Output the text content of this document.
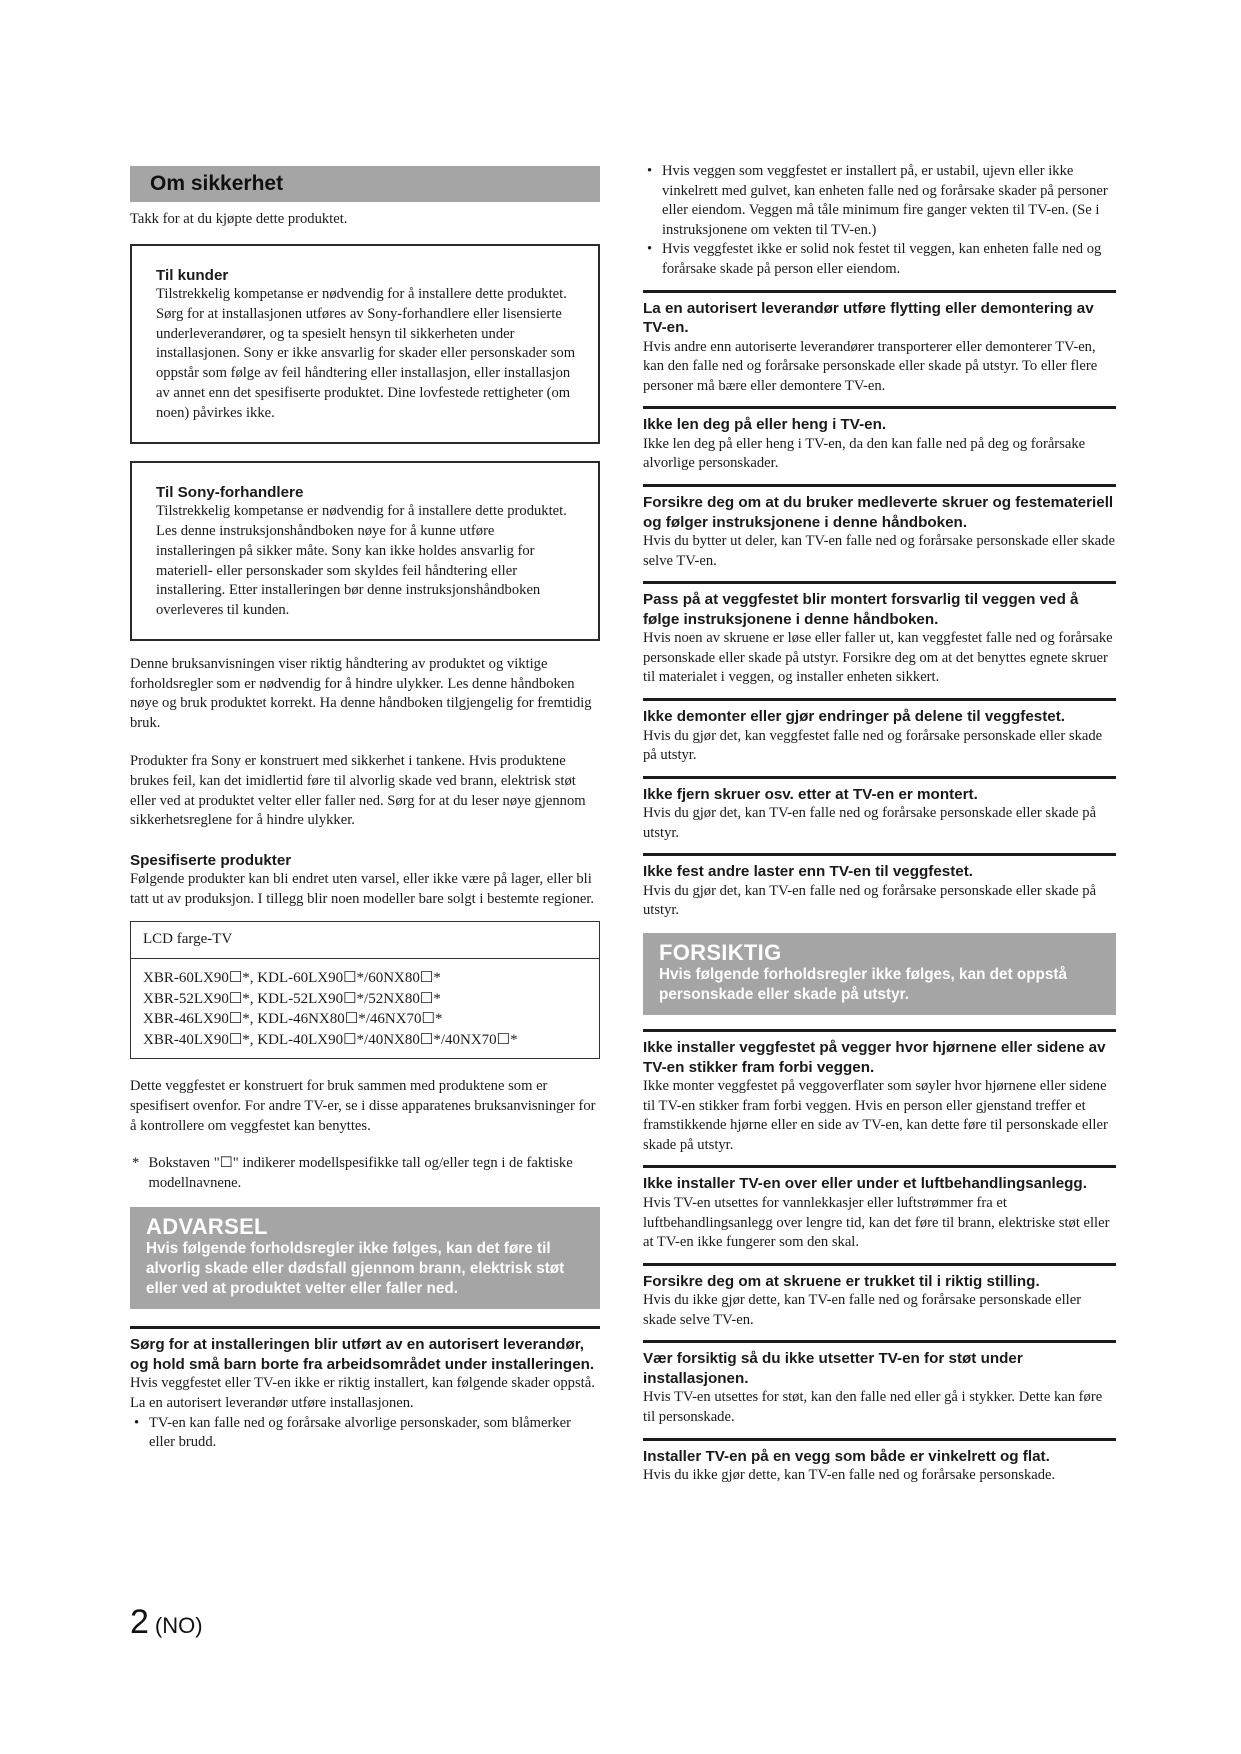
Om sikkerhet

Takk for at du kjøpte dette produktet.

Til kunder

Tilstrekkelig kompetanse er nødvendig for å installere dette produktet. Sørg for at installasjonen utføres av Sony-forhandlere eller lisensierte underleverandører, og ta spesielt hensyn til sikkerheten under installasjonen. Sony er ikke ansvarlig for skader eller personskader som oppstår som følge av feil håndtering eller installasjon, eller installasjon av annet enn det spesifiserte produktet. Dine lovfestede rettigheter (om noen) påvirkes ikke.

Til Sony-forhandlere

Tilstrekkelig kompetanse er nødvendig for å installere dette produktet. Les denne instruksjonshåndboken nøye for å kunne utføre installeringen på sikker måte. Sony kan ikke holdes ansvarlig for materiell- eller personskader som skyldes feil håndtering eller installering. Etter installeringen bør denne instruksjonshåndboken overleveres til kunden.

Denne bruksanvisningen viser riktig håndtering av produktet og viktige forholdsregler som er nødvendig for å hindre ulykker. Les denne håndboken nøye og bruk produktet korrekt. Ha denne håndboken tilgjengelig for fremtidig bruk.

Produkter fra Sony er konstruert med sikkerhet i tankene. Hvis produktene brukes feil, kan det imidlertid føre til alvorlig skade ved brann, elektrisk støt eller ved at produktet velter eller faller ned. Sørg for at du leser nøye gjennom sikkerhetsreglene for å hindre ulykker.

Spesifiserte produkter

Følgende produkter kan bli endret uten varsel, eller ikke være på lager, eller bli tatt ut av produksjon. I tillegg blir noen modeller bare solgt i bestemte regioner.

LCD farge-TV
XBR-60LX90☐*, KDL-60LX90☐*/60NX80☐*
XBR-52LX90☐*, KDL-52LX90☐*/52NX80☐*
XBR-46LX90☐*, KDL-46NX80☐*/46NX70☐*
XBR-40LX90☐*, KDL-40LX90☐*/40NX80☐*/40NX70☐*

Dette veggfestet er konstruert for bruk sammen med produktene som er spesifisert ovenfor. For andre TV-er, se i disse apparatenes bruksanvisninger for å kontrollere om veggfestet kan benyttes.

* Bokstaven "☐" indikerer modellspesifikke tall og/eller tegn i de faktiske modellnavnene.
ADVARSEL
Hvis følgende forholdsregler ikke følges, kan det føre til alvorlig skade eller dødsfall gjennom brann, elektrisk støt eller ved at produktet velter eller faller ned.

Sørg for at installeringen blir utført av en autorisert leverandør, og hold små barn borte fra arbeidsområdet under installeringen.

Hvis veggfestet eller TV-en ikke er riktig installert, kan følgende skader oppstå. La en autorisert leverandør utføre installasjonen.

• TV-en kan falle ned og forårsake alvorlige personskader, som blåmerker eller brudd.
• Hvis veggen som veggfestet er installert på, er ustabil, ujevn eller ikke vinkelrett med gulvet, kan enheten falle ned og forårsake skader på personer eller eiendom. Veggen må tåle minimum fire ganger vekten til TV-en. (Se i instruksjonene om vekten til TV-en.)
• Hvis veggfestet ikke er solid nok festet til veggen, kan enheten falle ned og forårsake skade på person eller eiendom.

La en autorisert leverandør utføre flytting eller demontering av TV-en.

Hvis andre enn autoriserte leverandører transporterer eller demonterer TV-en, kan den falle ned og forårsake personskade eller skade på utstyr. To eller flere personer må bære eller demontere TV-en.

Ikke len deg på eller heng i TV-en.

Ikke len deg på eller heng i TV-en, da den kan falle ned på deg og forårsake alvorlige personskader.

Forsikre deg om at du bruker medleverte skruer og festemateriell og følger instruksjonene i denne håndboken.

Hvis du bytter ut deler, kan TV-en falle ned og forårsake personskade eller skade selve TV-en.

Pass på at veggfestet blir montert forsvarlig til veggen ved å følge instruksjonene i denne håndboken.

Hvis noen av skruene er løse eller faller ut, kan veggfestet falle ned og forårsake personskade eller skade på utstyr. Forsikre deg om at det benyttes egnete skruer til materialet i veggen, og installer enheten sikkert.

Ikke demonter eller gjør endringer på delene til veggfestet.

Hvis du gjør det, kan veggfestet falle ned og forårsake personskade eller skade på utstyr.

Ikke fjern skruer osv. etter at TV-en er montert.

Hvis du gjør det, kan TV-en falle ned og forårsake personskade eller skade på utstyr.

Ikke fest andre laster enn TV-en til veggfestet.

Hvis du gjør det, kan TV-en falle ned og forårsake personskade eller skade på utstyr.

FORSIKTIG
Hvis følgende forholdsregler ikke følges, kan det oppstå personskade eller skade på utstyr.

Ikke installer veggfestet på vegger hvor hjørnene eller sidene av TV-en stikker fram forbi veggen.

Ikke monter veggfestet på veggoverflater som søyler hvor hjørnene eller sidene til TV-en stikker fram forbi veggen. Hvis en person eller gjenstand treffer et framstikkende hjørne eller en side av TV-en, kan dette føre til personskade eller skade på utstyr.

Ikke installer TV-en over eller under et luftbehandlingsanlegg.

Hvis TV-en utsettes for vannlekkasjer eller luftstrømmer fra et luftbehandlingsanlegg over lengre tid, kan det føre til brann, elektriske støt eller at TV-en ikke fungerer som den skal.

Forsikre deg om at skruene er trukket til i riktig stilling.

Hvis du ikke gjør dette, kan TV-en falle ned og forårsake personskade eller skade selve TV-en.

Vær forsiktig så du ikke utsetter TV-en for støt under installasjonen.

Hvis TV-en utsettes for støt, kan den falle ned eller gå i stykker. Dette kan føre til personskade.

Installer TV-en på en vegg som både er vinkelrett og flat.

Hvis du ikke gjør dette, kan TV-en falle ned og forårsake personskade.

2 (NO)
